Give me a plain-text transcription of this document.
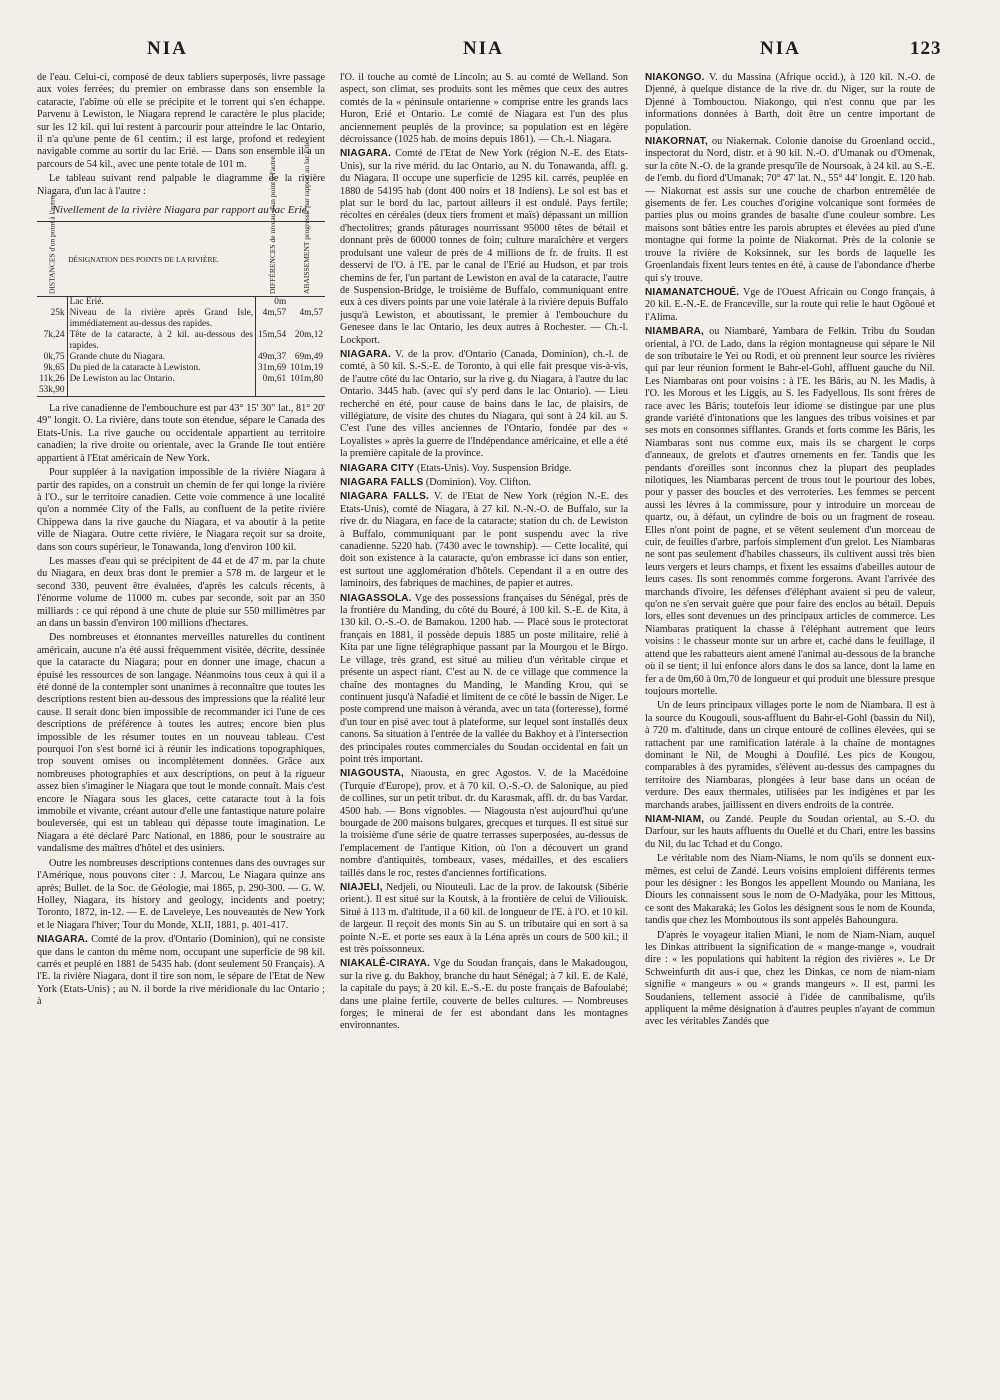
NIA	NIA	NIA	123

de l'eau. Celui-ci, composé de deux tabliers superposés, livre passage aux voies ferrées; du premier on embrasse dans son ensemble la cataracte, l'abîme où elle se précipite et le torrent qui s'en échappe. Parvenu à Lewiston, le Niagara reprend le caractère le plus placide; sur les 12 kil. qui lui restent à parcourir pour atteindre le lac Ontario, il n'a qu'une pente de 61 centim.; il est large, profond et redevient navigable comme au sortir du lac Erié. — Dans son ensemble il a un parcours de 54 kil., avec une pente totale de 101 m.

Le tableau suivant rend palpable le diagramme de la rivière Niagara, d'un lac à l'autre :

Nivellement de la rivière Niagara par rapport au lac Erié.
DISTANCES d'un point à l'autre.	DÉSIGNATION DES POINTS DE LA RIVIÈRE.	DIFFÉRENCES de niveau d'un point à l'autre.	ABAISSEMENT progressif par rapport au lac Erié.
	Lac Erié.	0m	
25k	Niveau de la rivière après Grand Isle, immédiatement au-dessus des rapides.	4m,57	4m,57
7k,24	Tête de la cataracte, à 2 kil. au-dessous des rapides.	15m,54	20m,12
0k,75	Grande chute du Niagara.	49m,37	69m,49
9k,65	Du pied de la cataracte à Lewiston.	31m,69	101m,19
11k,26	De Lewiston au lac Ontario.	0m,61	101m,80
53k,90			

La rive canadienne de l'embouchure est par 43° 15' 30" lat., 81° 20' 49" longit. O. La rivière, dans toute son étendue, sépare le Canada des Etats-Unis. La rive gauche ou occidentale appartient au territoire canadien; la rive droite ou orientale, avec la Grande Ile tout entière appartient à l'Etat américain de New York.

Pour suppléer à la navigation impossible de la rivière Niagara à partir des rapides, on a construit un chemin de fer qui longe la rivière à l'O., sur le territoire canadien. Cette voie commence à une localité qu'on a nommée City of the Falls, au confluent de la petite rivière Chippewa dans la rive gauche du Niagara, et va aboutir à la petite ville de Niagara. Outre cette rivière, le Niagara reçoit sur sa droite, dans son cours supérieur, le Tonawanda, long d'environ 100 kil.

Les masses d'eau qui se précipitent de 44 et de 47 m. par la chute du Niagara, en deux bras dont le premier a 578 m. de largeur et le second 330, peuvent être évaluées, d'après les calculs récents, à l'énorme volume de 11000 m. cubes par seconde, soit par an 350 milliards : ce qui répond à une chute de pluie sur 550 millimètres par an dans un bassin d'environ 100 millions d'hectares.

Des nombreuses et étonnantes merveilles naturelles du continent américain, aucune n'a été aussi fréquemment visitée, décrite, dessinée que la cataracte du Niagara; pour en donner une image, chacun a épuisé les ressources de son langage. Néanmoins tous ceux à qui il a été donné de la contempler sont unanimes à reconnaître que toutes les descriptions restent bien au-dessous des impressions que la réalité leur cause. Il serait donc bien impossible de recommander ici l'une de ces descriptions de préférence à toutes les autres; encore bien plus impossible de les résumer toutes en un nouveau tableau. C'est pourquoi l'on s'est borné ici à réunir les indications topographiques, trop souvent omises ou incomplètement données. Grâce aux nombreuses photographies et aux descriptions, on peut à la rigueur assez bien s'imaginer le Niagara que tout le monde connaît. Mais c'est encore le Niagara sous les glaces, cette cataracte tout à la fois immobile et vivante, créant autour d'elle une fantastique nature polaire bouleversée, qui est un tableau qui dépasse toute imagination. Le Niagara a été déclaré Parc National, en 1886, pour le soustraire au vandalisme des maîtres d'hôtel et des usiniers.

Outre les nombreuses descriptions contenues dans des ouvrages sur l'Amérique, nous pouvons citer : J. Marcou, Le Niagara quinze ans après; Bullet. de la Soc. de Géologie, mai 1865, p. 290-300. — G. W. Holley, Niagara, its history and geology, incidents and poetry; Toronto, 1872, in-12. — E. de Laveleye, Les nouveautés de New York et le Niagara l'hiver; Tour du Monde, XLII, 1881, p. 401-417.

NIAGARA. Comté de la prov. d'Ontario (Dominion), qui ne consiste que dans le canton du même nom, occupant une superficie de 98 kil. carrés et peuplé en 1881 de 5435 hab. (dont seulement 50 Français). A l'E. la rivière Niagara, dont il tire son nom, le sépare de l'Etat de New York (Etats-Unis) ; au N. il borde la rive méridionale du lac Ontario ; à

l'O. il touche au comté de Lincoln; au S. au comté de Welland. Son aspect, son climat, ses produits sont les mêmes que ceux des autres comtés de la « péninsule ontarienne » comprise entre les grands lacs Huron, Erié et Ontario. Le comté de Niagara est l'un des plus anciennement peuplés de la province; sa population est en légère décroissance (1025 hab. de moins depuis 1861). — Ch.-l. Niagara.

NIAGARA. Comté de l'Etat de New York (région N.-E. des Etats-Unis), sur la rive mérid. du lac Ontario, au N. du Tonawanda, affl. g. du Niagara. Il occupe une superficie de 1295 kil. carrés, peuplée en 1880 de 54195 hab (dont 400 noirs et 18 Indiens). Le sol est bas et plat sur le bord du lac, partout ailleurs il est ondulé. Pays fertile; récoltes en céréales (deux tiers froment et maïs) dépassant un million d'hectolitres; grands pâturages nourrissant 95000 têtes de bétail et donnant près de 60000 tonnes de foin; culture maraîchère et vergers produisant une valeur de près de 4 millions de fr. de fruits. Il est desservi de l'O. à l'E. par le canal de l'Erié au Hudson, et par trois chemins de fer, l'un partant de Lewiston en aval de la cataracte, l'autre de Suspension-Bridge, le troisième de Buffalo, communiquant entre eux à ces divers points par une voie latérale à la rivière depuis Buffalo jusqu'à Lewiston, et aboutissant, le premier à l'embouchure du Genesee dans le lac Ontario, les deux autres à Rochester. — Ch.-l. Lockport.

NIAGARA. V. de la prov. d'Ontario (Canada, Dominion), ch.-l. de comté, à 50 kil. S.-S.-E. de Toronto, à qui elle fait presque vis-à-vis, de l'autre côté du lac Ontario, sur la rive g. du Niagara, à l'autre du lac Ontario. 3445 hab. (avec qui s'y perd dans le lac Ontario). — Lieu recherché en été, pour cause de bains dans le lac, de plaisirs, de villégiature, de visite des chutes du Niagara, qui sont à 24 kil. au S. C'est l'une des villes anciennes de l'Ontario, fondée par des « Loyalistes » après la guerre de l'Indépendance américaine, et elle a été la première capitale de la province.

NIAGARA CITY (Etats-Unis). Voy. Suspension Bridge.

NIAGARA FALLS (Dominion). Voy. Clifton.

NIAGARA FALLS. V. de l'Etat de New York (région N.-E. des Etats-Unis), comté de Niagara, à 27 kil. N.-N.-O. de Buffalo, sur la rive dr. du Niagara, en face de la cataracte; station du ch. de Lewiston à Buffalo, communiquant par le pont suspendu avec la rive canadienne. 5220 hab. (7430 avec le township). — Cette localité, qui doit son existence à la cataracte, qu'on embrasse ici dans son entier, est surtout une agglomération d'hôtels. Cependant il a en outre des laminoirs, des fabriques de machines, de papier et autres.

NIAGASSOLA. Vge des possessions françaises du Sénégal, près de la frontière du Manding, du côté du Bouré, à 100 kil. S.-E. de Kita, à 130 kil. O.-S.-O. de Bamakou. 1200 hab. — Placé sous le protectorat français en 1881, il possède depuis 1885 un poste militaire, relié à Kita par une ligne télégraphique passant par la Mourgou et le Birgo. Le village, très grand, est situé au milieu d'un véritable cirque et présente un aspect riant. C'est au N. de ce village que commence la chaîne des montagnes du Manding, le Manding Krou, qui se continuent jusqu'à Nafadié et limitent de ce côté le bassin de Niger. Le poste comprend une maison à véranda, avec un tata (forteresse), formé d'un tour en pisé avec tout à plateforme, sur lequel sont installés deux canons. Sa situation à l'entrée de la vallée du Bakhoy et à l'intersection des principales routes commerciales du Soudan occidental en fait un point très important.

NIAGOUSTA, Niaousta, en grec Agostos. V. de la Macédoine (Turquie d'Europe), prov. et à 70 kil. O.-S.-O. de Salonique, au pied de collines, sur un petit tribut. dr. du Karasmak, affl. dr. du bas Vardar. 4500 hab. — Bons vignobles. — Niagousta n'est aujourd'hui qu'une bourgade de 200 maisons bulgares, grecques et turques. Il est situé sur la troisième d'une série de quatre terrasses superposées, au-dessus de l'emplacement de l'antique Kition, où l'on a découvert un grand nombre d'antiquités, tombeaux, vases, médailles, et des escaliers taillés dans le roc, restes d'anciennes fortifications.

NIAJELI, Nedjeli, ou Niouteuli. Lac de la prov. de Iakoutsk (Sibérie orient.). Il est situé sur la Koutsk, à la frontière de celui de Viliouisk. Situé à 113 m. d'altitude, il a 60 kil. de longueur de l'E. à l'O. et 10 kil. de largeur. Il reçoit des monts Sin au S. un tributaire qui en sort à sa pointe N.-E. et porte ses eaux à la Léna après un cours de 500 kil.; il est très poissonneux.

NIAKALÉ-CIRAYA. Vge du Soudan français, dans le Makadougou, sur la rive g. du Bakhoy, branche du haut Sénégal; à 7 kil. E. de Kalé, la capitale du pays; à 20 kil. E.-S.-E. du poste français de Bafoulabé; dans une plaine fertile, couverte de belles cultures. — Nombreuses forges; le minerai de fer est abondant dans les montagnes environnantes.

NIAKONGO. V. du Massina (Afrique occid.), à 120 kil. N.-O. de Djenné, à quelque distance de la rive dr. du Niger, sur la route de Djenné à Tombouctou. Niakongo, qui n'est connu que par les informations données à Barth, doit être un centre important de population.

NIAKORNAT, ou Niakernak. Colonie danoise du Groenland occid., inspectorat du Nord, distr. et à 90 kil. N.-O. d'Umanak ou d'Omenak, sur la côte N.-O. de la grande presqu'île de Noursoak, à 24 kil. au S.-E. de l'emb. du fiord d'Umanak; 70° 47' lat. N., 55° 44' longit. E. 120 hab. — Niakornat est assis sur une couche de charbon entremêlée de gisements de fer. Les couches d'origine volcanique sont formées de parties plus ou moins grandes de basalte d'une couleur sombre. Les maisons sont bâties entre les parois abruptes et élevées au pied d'une montagne qui forme la pointe de Niakornat. Près de la colonie se trouve la rivière de Koksinnek, sur les bords de laquelle les Groenlandais fixent leurs tentes en été, à cause de l'abondance d'herbe qui s'y trouve.

NIAMANATCHOUÉ. Vge de l'Ouest Africain ou Congo français, à 20 kil. E.-N.-E. de Franceville, sur la route qui relie le haut Ogôoué et l'Alima.

NIAMBARA, ou Niambaré, Yambara de Felkin. Tribu du Soudan oriental, à l'O. de Lado, dans la région montagneuse qui sépare le Nil de son tributaire le Yei ou Rodi, et où prennent leur source les rivières qui par leur réunion forment le Bahr-el-Gohl, affluent gauche du Nil. Les Niambaras ont pour voisins : à l'E. les Bâris, au N. les Madis, à l'O. les Morous et les Liggis, au S. les Fadyellous. Ils sont frères de race avec les Bâris; toutefois leur idiome se distingue par une plus grande variété d'intonations que les langues des tribus voisines et par ses mots en consonnes sifflantes. Grands et forts comme les Bâris, les Niambaras sont nus comme eux, mais ils se chargent le corps d'anneaux, de grelots et d'autres ornements en fer. Tandis que les pendants d'oreilles sont inconnus chez la plupart des peuplades nilotiques, les Niambaras percent de trous tout le pourtour des lobes, pour y passer des boucles et des verroteries. Les femmes se percent aussi les lèvres à la commissure, pour y introduire un morceau de quartz, ou, à défaut, un cylindre de bois ou un fragment de roseau. Elles n'ont point de pagne, et se vêtent seulement d'un morceau de cuir, de feuilles d'arbre, parfois simplement d'un grelot. Les Niambaras ne sont pas seulement d'habiles chasseurs, ils cultivent aussi très bien leurs vergers et leurs champs, et fixent les essaims d'abeilles autour de leurs cases. Ils sont renommés comme forgerons. Avant l'arrivée des marchands d'ivoire, les défenses d'éléphant avaient si peu de valeur, qu'on ne s'en servait guère que pour faire des enclos au bétail. Depuis lors, elles sont devenues un des principaux articles de commerce. Les Niambaras pratiquent la chasse à l'éléphant autrement que leurs voisins : le chasseur monte sur un arbre et, caché dans le feuillage, il attend que les rabatteurs aient amené l'animal au-dessous de la branche où il se tient; il lui enfonce alors dans le dos sa lance, dont la lame en fer a de 0m,60 à 0m,70 de longueur et qui produit une blessure presque toujours mortelle.

Un de leurs principaux villages porte le nom de Niambara. Il est à la source du Kougouli, sous-affluent du Bahr-el-Gohl (bassin du Nil), à 720 m. d'altitude, dans un cirque entouré de collines élevées, qui se rattachent par une ramification latérale à la chaîne de montagnes dominant le Nil, de Moughi à Doufilé. Les pics de Kougou, comparables à des pyramides, s'élèvent au-dessus des campagnes du territoire des Niambaras, plongées à leur base dans un océan de verdure. Des eaux thermales, utilisées par les indigènes et par les marchands arabes, jaillissent en divers endroits de la contrée.

NIAM-NIAM, ou Zandé. Peuple du Soudan oriental, au S.-O. du Darfour, sur les hauts affluents du Ouellé et du Chari, entre les bassins du Nil, du lac Tchad et du Congo.

Le véritable nom des Niam-Niams, le nom qu'ils se donnent eux-mêmes, est celui de Zandé. Leurs voisins emploient différents termes pour les désigner : les Bongos les appellent Moundo ou Maniana, les Diours les connaissent sous le nom de O-Madyâka, pour les Mittous, ce sont des Makaraká; les Golos les désignent sous le nom de Kounda, tandis que chez les Momboutous ils sont appelés Bahoungura.

D'après le voyageur italien Miani, le nom de Niam-Niam, auquel les Dinkas attribuent la signification de « mange-mange », voudrait dire : « les populations qui habitent la région des rivières ». Le Dr Schweinfurth dit aus-i que, chez les Dinkas, ce nom de niam-niam signifie « mangeurs » ou « grands mangeurs ». Il est, parmi les Soudaniens, tellement associé à l'idée de cannibalisme, qu'ils appliquent la même désignation à d'autres peuples n'ayant de commun avec les véritables Zandés que
